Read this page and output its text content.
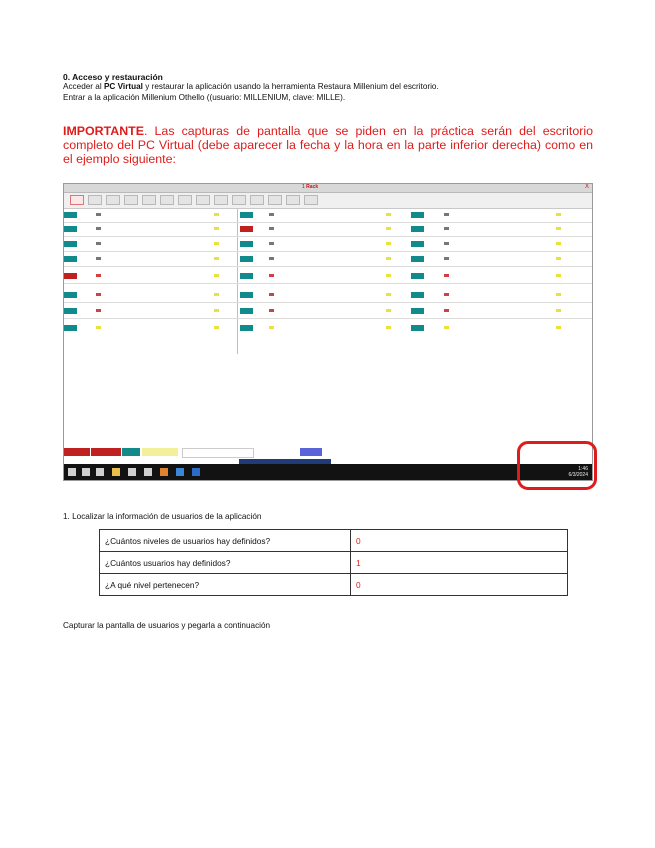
0. Acceso y restauración
Acceder al PC Virtual y restaurar la aplicación usando la herramienta Restaura Millenium del escritorio.
Entrar a la aplicación Millenium Othello ((usuario: MILLENIUM, clave: MILLE).
IMPORTANTE. Las capturas de pantalla que se piden en la práctica serán del escritorio completo del PC Virtual (debe aparecer la fecha y la hora en la parte inferior derecha) como en el ejemplo siguiente:
1 Rack	X
1:46
6/3/2024
1. Localizar la información de usuarios de la aplicación
¿Cuántos niveles de usuarios hay definidos?	0
¿Cuántos usuarios hay definidos?	1
¿A qué nivel pertenecen?	0
Capturar la pantalla de usuarios y pegarla a continuación
